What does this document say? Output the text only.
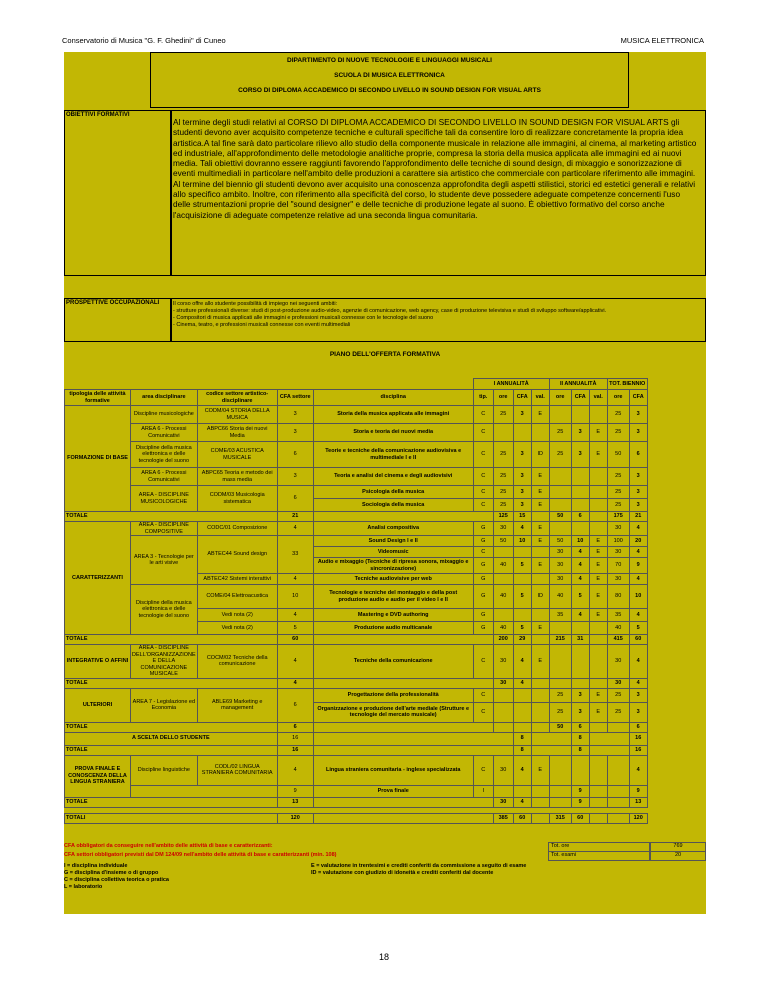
Conservatorio di Musica "G. F. Ghedini" di Cuneo	MUSICA ELETTRONICA
DIPARTIMENTO DI NUOVE TECNOLOGIE E LINGUAGGI MUSICALI
SCUOLA DI MUSICA ELETTRONICA
CORSO DI DIPLOMA ACCADEMICO DI SECONDO LIVELLO IN SOUND DESIGN FOR VISUAL ARTS
OBIETTIVI FORMATIVI
Al termine degli studi relativi al CORSO DI DIPLOMA ACCADEMICO DI SECONDO LIVELLO IN SOUND DESIGN FOR VISUAL ARTS gli studenti devono aver acquisito competenze tecniche e culturali specifiche tali da consentire loro di realizzare concretamente la propria idea artistica.A tal fine sarà dato particolare rilievo allo studio della componente musicale in relazione alle immagini, al cinema, al marketing artistico ed industriale, all'approfondimento delle metodologie analitiche proprie, compresa la storia della musica applicata alle immagini ed ai nuovi media. Tali obiettivi dovranno essere raggiunti favorendo l'approfondimento delle tecniche di sound design, di mixaggio e sonorizzazione di eventi multimediali in particolare nell'ambito delle produzioni a carattere sia artistico che commerciale con particolare riferimento alle immagini. Al termine del biennio gli studenti devono aver acquisito una conoscenza approfondita degli aspetti stilistici, storici ed estetici generali e relativi allo specifico ambito. Inoltre, con riferimento alla specificità del corso, lo studente deve possedere adeguate competenze concernenti l'uso delle strumentazioni proprie del "sound designer" e delle tecniche di produzione legate al suono. È obiettivo formativo del corso anche l'acquisizione di adeguate competenze relative ad una seconda lingua comunitaria.
PROSPETTIVE OCCUPAZIONALI	Il corso offre allo studente possibilità di impiego nei seguenti ambiti:
- strutture professionali diverse: studi di post-produzione audio-video, agenzie di comunicazione, web agency, case di produzione televisiva e studi di sviluppo software/applicativi.
- Compositori di musica applicati alle immagini e professioni musicali connesse con le tecnologie del suono
- Cinema, teatro, e professioni musicali connesse con eventi multimediali
PIANO DELL'OFFERTA FORMATIVA
					I ANNUALITÀ				II ANNUALITÀ			TOT. BIENNIO	
tipologia delle attività formative	area disciplinare	codice settore artistico-disciplinare	CFA settore	disciplina	tip.	ore	CFA	val.	ore	CFA	val.	ore	CFA
FORMAZIONE DI BASE	Discipline musicologiche	CODM/04 STORIA DELLA MUSICA	3	Storia della musica applicata alle immagini	C	25	3	E				25	3
	AREA 6 - Processi Comunicativi	ABPC66 Storia dei nuovi Media	3	Storia e teoria dei nuovi media	C				25	3	E	25	3
	Discipline della musica elettronica e delle tecnologie del suono	COME/03 ACUSTICA MUSICALE	6	Teorie e tecniche della comunicazione audiovisiva e multimediale I e II	C	25	3	ID	25	3	E	50	6
	AREA 6 - Processi Comunicativi	ABPC65 Teoria e metodo dei mass media	3	Teoria e analisi del cinema e degli audiovisivi	C	25	3	E				25	3
	AREA - DISCIPLINE MUSICOLOGICHE	CODM/03 Musicologia sistematica	6	Psicologia della musica	C	25	3	E				25	3
				Sociologia della musica	C	25	3	E				25	3
TOTALE			21			125	15		50	6		175	21
CARATTERIZZANTI	AREA - DISCIPLINE COMPOSITIVE	CODC/01 Composizione	4	Analisi compositiva	G	30	4	E				30	4
	AREA 3 - Tecnologie per le arti visive	ABTEC44 Sound design	33	Sound Design I e II	G	50	10	E	50	10	E	100	20
				Videomusic	C				30	4	E	30	4
				Audio e mixaggio (Tecniche di ripresa sonora, mixaggio e sincronizzazione)	G	40	5	E	30	4	E	70	9
		ABTEC42 Sistemi interattivi	4	Tecniche audiovisive per web	G				30	4	E	30	4
	Discipline della musica elettronica e delle tecnologie del suono	COME/04 Elettroacustica	10	Tecnologie e tecniche del montaggio e della post produzione audio e audio per il video I e II	G	40	5	ID	40	5	E	80	10
		Vedi nota (2)	4	Mastering e DVD authoring	G				35	4	E	35	4
		Vedi nota (2)	5	Produzione audio multicanale	G	40	5	E				40	5
TOTALE			60			200	29		215	31		415	60
INTEGRATIVE O AFFINI	AREA - DISCIPLINE DELL'ORGANIZZAZIONE E DELLA COMUNICAZIONE MUSICALE	COCM/02 Tecniche della comunicazione	4	Tecniche della comunicazione	C	30	4	E				30	4
TOTALE			4			30	4					30	4
ULTERIORI	AREA 7 - Legislazione ed Economia	ABLE69 Marketing e management	6	Progettazione della professionalità	C				25	3	E	25	3
				Organizzazione e produzione dell'arte mediale (Strutture e tecnologie del mercato musicale)	C				25	3	E	25	3
TOTALE			6						50	6			6
A SCELTA DELLO STUDENTE			16				8			8			16
TOTALE			16				8			8			16
PROVA FINALE E CONOSCENZA DELLA LINGUA STRANIERA	Discipline linguistiche	CODL/02 LINGUA STRANIERA COMUNITARIA	4	Lingua straniera comunitaria - inglese specializzata	C	30	4	E					4
			9	Prova finale	I					9			9
TOTALE			13			30	4			9			13

TOTALI			120			385	60		315	60			120
CFA obbligatori da conseguire nell'ambito delle attività di base e caratterizzanti:
CFA settori obbligatori previsti dal DM 124/09 nell'ambito delle attività di base e caratterizzanti (min. 108)
Tot. ore	769
Tot. esami	20
I = disciplina individuale
G = disciplina d'insieme o di gruppo
C = disciplina collettiva teorica o pratica
L = laboratorio
E = valutazione in trentesimi e crediti conferiti da commissione a seguito di esame
ID = valutazione con giudizio di idoneità e crediti conferiti dal docente
18
